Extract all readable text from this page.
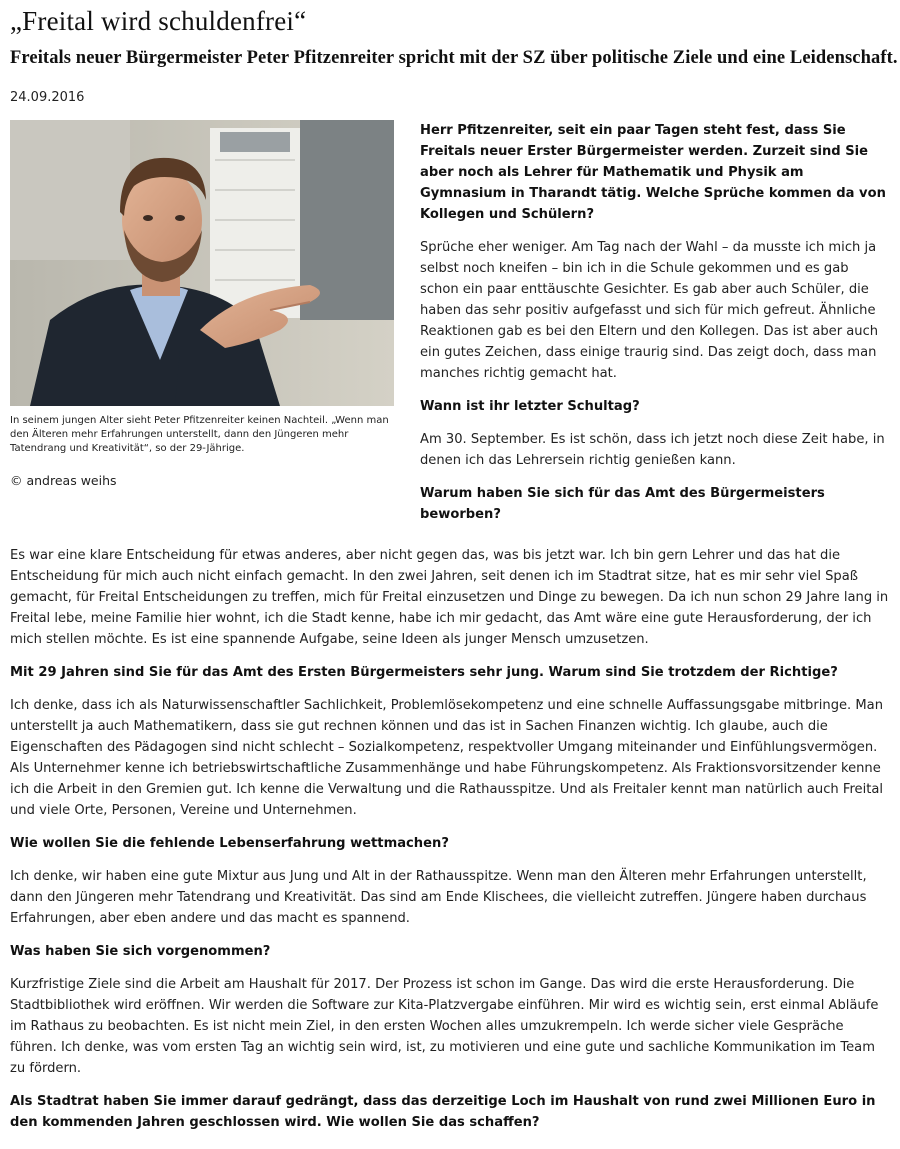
„Freital wird schuldenfrei“
Freitals neuer Bürgermeister Peter Pfitzenreiter spricht mit der SZ über politische Ziele und eine Leidenschaft.
24.09.2016
In seinem jungen Alter sieht Peter Pfitzenreiter keinen Nachteil. „Wenn man den Älteren mehr Erfahrungen unterstellt, dann den Jüngeren mehr Tatendrang und Kreativität“, so der 29-Jährige.
© andreas weihs

Herr Pfitzenreiter, seit ein paar Tagen steht fest, dass Sie Freitals neuer Erster Bürgermeister werden. Zurzeit sind Sie aber noch als Lehrer für Mathematik und Physik am Gymnasium in Tharandt tätig. Welche Sprüche kommen da von Kollegen und Schülern?

Sprüche eher weniger. Am Tag nach der Wahl – da musste ich mich ja selbst noch kneifen – bin ich in die Schule gekommen und es gab schon ein paar enttäuschte Gesichter. Es gab aber auch Schüler, die haben das sehr positiv aufgefasst und sich für mich gefreut. Ähnliche Reaktionen gab es bei den Eltern und den Kollegen. Das ist aber auch ein gutes Zeichen, dass einige traurig sind. Das zeigt doch, dass man manches richtig gemacht hat.

Wann ist ihr letzter Schultag?

Am 30. September. Es ist schön, dass ich jetzt noch diese Zeit habe, in denen ich das Lehrersein richtig genießen kann.

Warum haben Sie sich für das Amt des Bürgermeisters beworben?

Es war eine klare Entscheidung für etwas anderes, aber nicht gegen das, was bis jetzt war. Ich bin gern Lehrer und das hat die Entscheidung für mich auch nicht einfach gemacht. In den zwei Jahren, seit denen ich im Stadtrat sitze, hat es mir sehr viel Spaß gemacht, für Freital Entscheidungen zu treffen, mich für Freital einzusetzen und Dinge zu bewegen. Da ich nun schon 29 Jahre lang in Freital lebe, meine Familie hier wohnt, ich die Stadt kenne, habe ich mir gedacht, das Amt wäre eine gute Herausforderung, der ich mich stellen möchte. Es ist eine spannende Aufgabe, seine Ideen als junger Mensch umzusetzen.

Mit 29 Jahren sind Sie für das Amt des Ersten Bürgermeisters sehr jung. Warum sind Sie trotzdem der Richtige?

Ich denke, dass ich als Naturwissenschaftler Sachlichkeit, Problemlösekompetenz und eine schnelle Auffassungsgabe mitbringe. Man unterstellt ja auch Mathematikern, dass sie gut rechnen können und das ist in Sachen Finanzen wichtig. Ich glaube, auch die Eigenschaften des Pädagogen sind nicht schlecht – Sozialkompetenz, respektvoller Umgang miteinander und Einfühlungsvermögen. Als Unternehmer kenne ich betriebswirtschaftliche Zusammenhänge und habe Führungskompetenz. Als Fraktionsvorsitzender kenne ich die Arbeit in den Gremien gut. Ich kenne die Verwaltung und die Rathausspitze. Und als Freitaler kennt man natürlich auch Freital und viele Orte, Personen, Vereine und Unternehmen.

Wie wollen Sie die fehlende Lebenserfahrung wettmachen?

Ich denke, wir haben eine gute Mixtur aus Jung und Alt in der Rathausspitze. Wenn man den Älteren mehr Erfahrungen unterstellt, dann den Jüngeren mehr Tatendrang und Kreativität. Das sind am Ende Klischees, die vielleicht zutreffen. Jüngere haben durchaus Erfahrungen, aber eben andere und das macht es spannend.

Was haben Sie sich vorgenommen?

Kurzfristige Ziele sind die Arbeit am Haushalt für 2017. Der Prozess ist schon im Gange. Das wird die erste Herausforderung. Die Stadtbibliothek wird eröffnen. Wir werden die Software zur Kita-Platzvergabe einführen. Mir wird es wichtig sein, erst einmal Abläufe im Rathaus zu beobachten. Es ist nicht mein Ziel, in den ersten Wochen alles umzukrempeln. Ich werde sicher viele Gespräche führen. Ich denke, was vom ersten Tag an wichtig sein wird, ist, zu motivieren und eine gute und sachliche Kommunikation im Team zu fördern.

Als Stadtrat haben Sie immer darauf gedrängt, dass das derzeitige Loch im Haushalt von rund zwei Millionen Euro in den kommenden Jahren geschlossen wird. Wie wollen Sie das schaffen?
